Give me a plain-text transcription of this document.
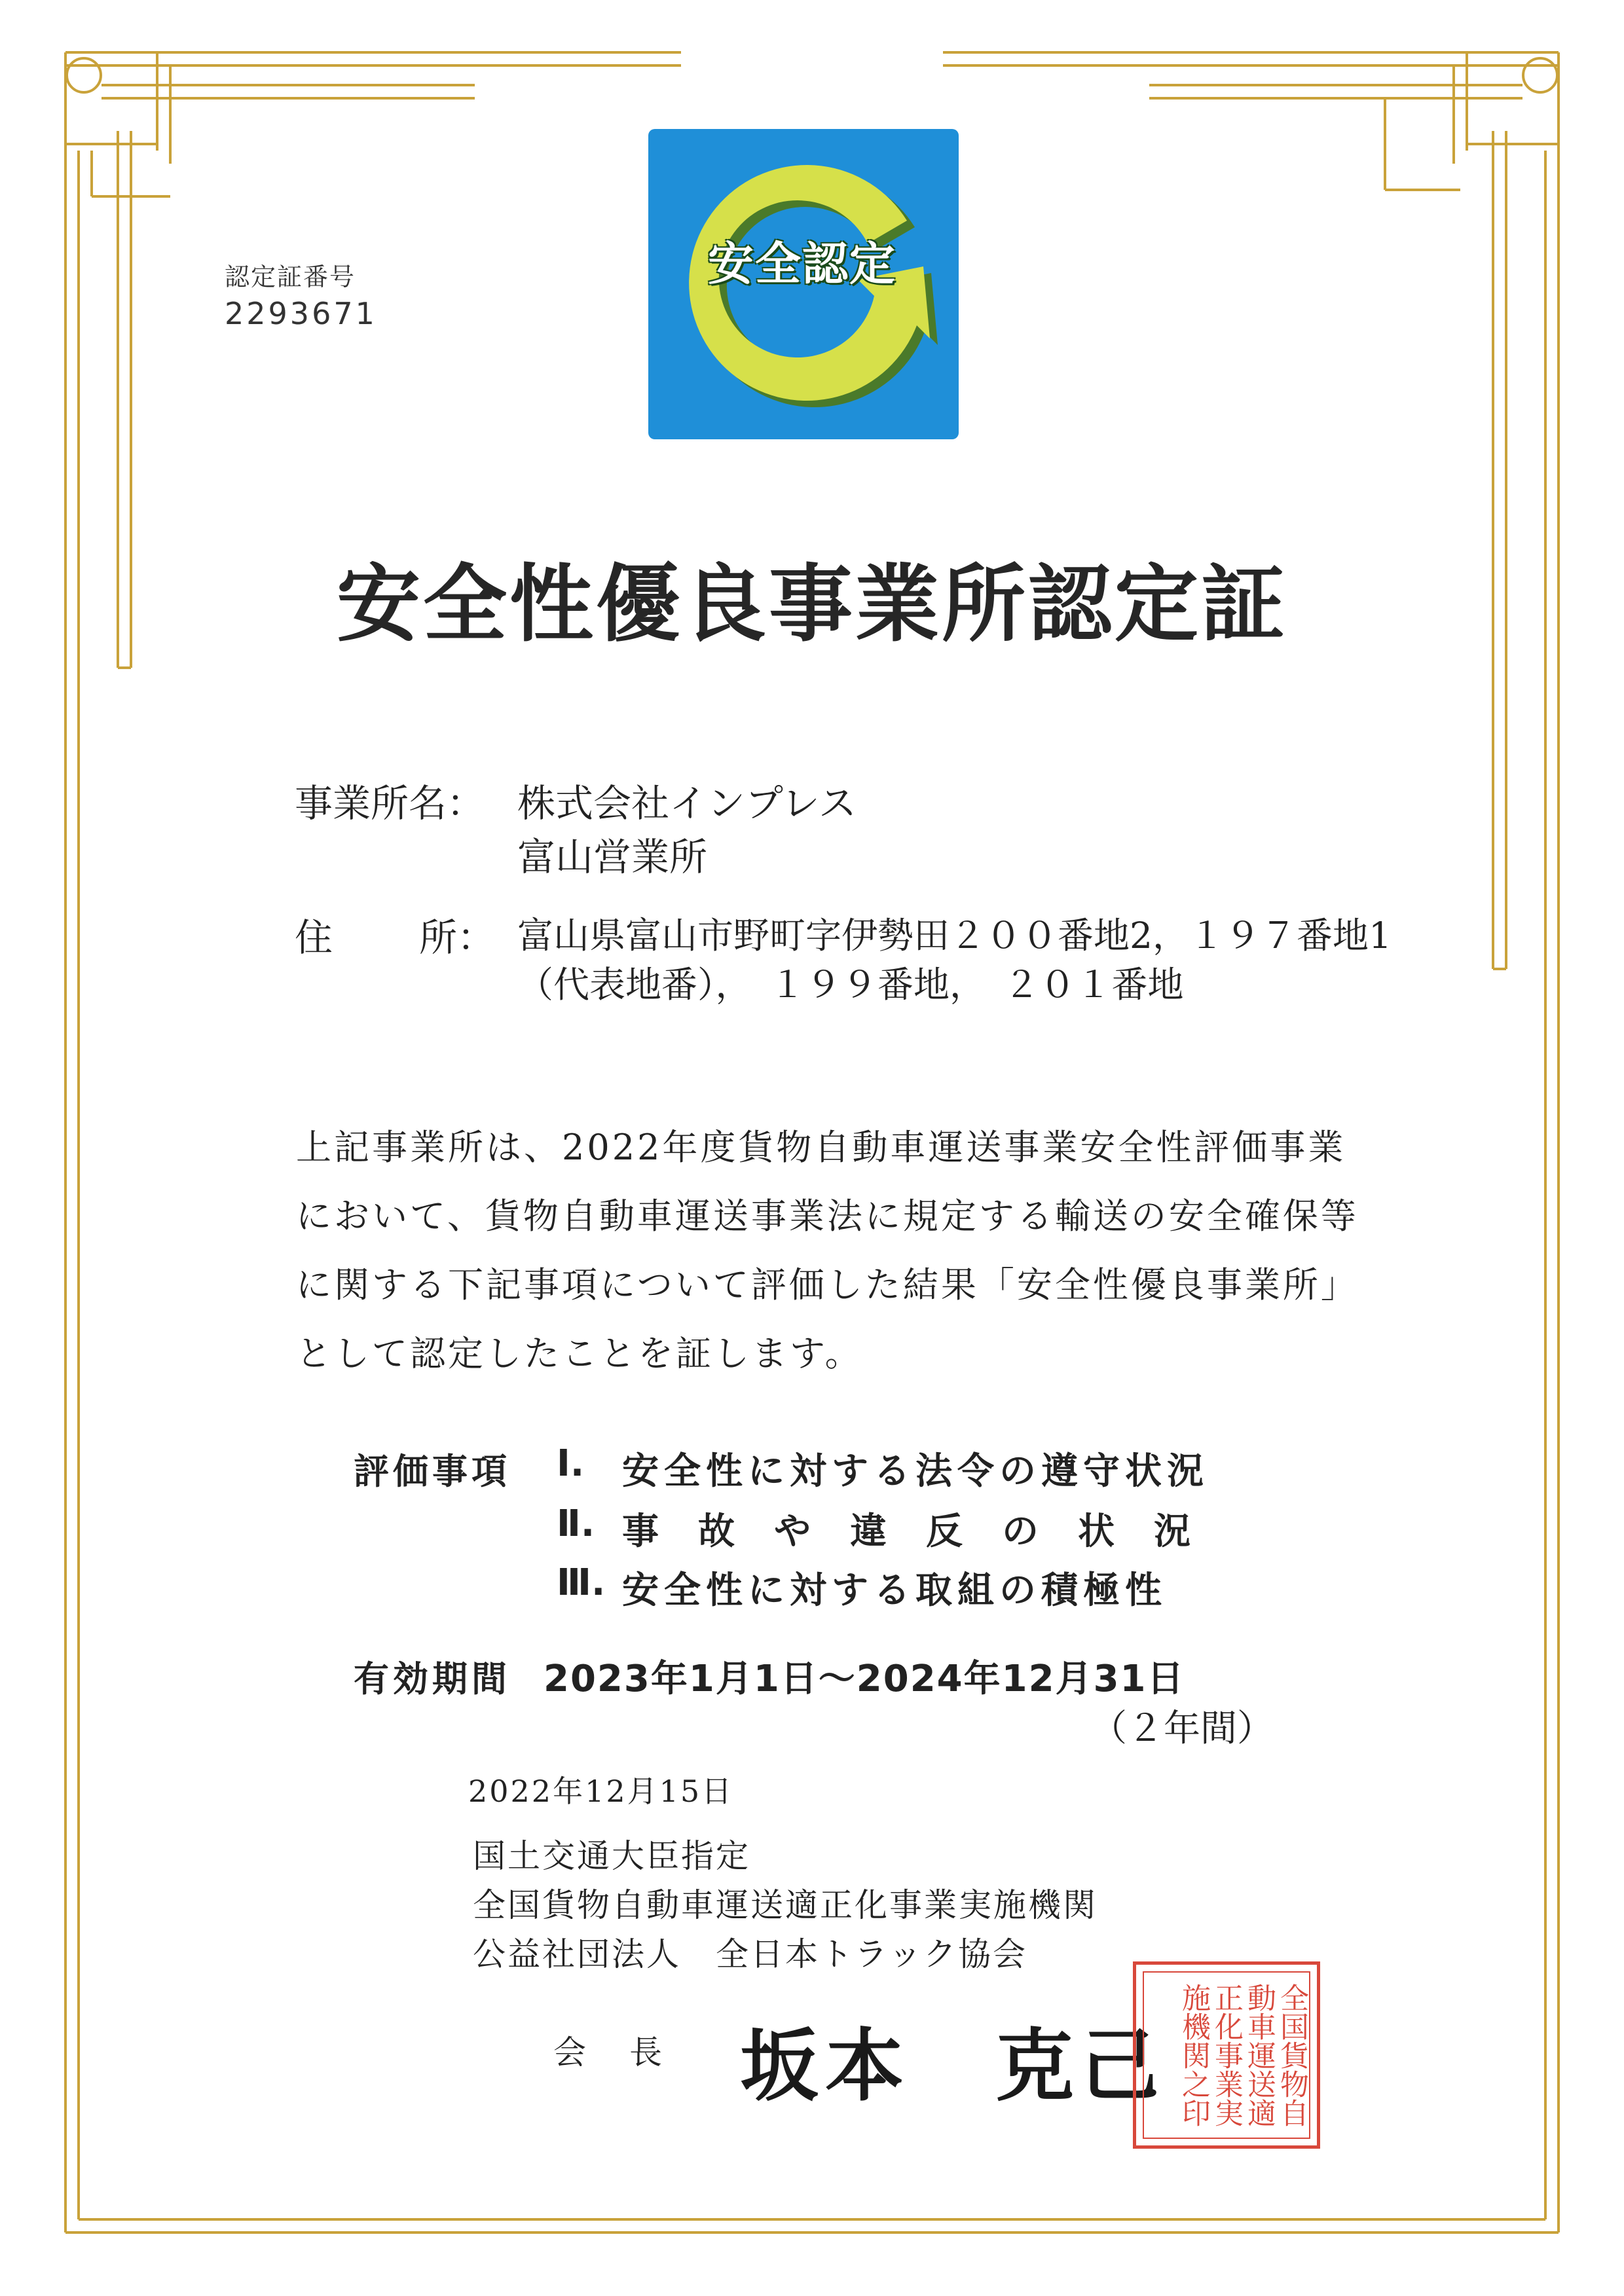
認定証番号
2293671
安全認定
安全性優良事業所認定証
事業所名： 株式会社インプレス
富山営業所
住 所： 富山県富山市野町字伊勢田２００番地2，１９７番地1
（代表地番），　１９９番地，　２０１番地
上記事業所は、2022年度貨物自動車運送事業安全性評価事業
において、貨物自動車運送事業法に規定する輸送の安全確保等
に関する下記事項について評価した結果「安全性優良事業所」
として認定したことを証します。
評価事項 Ⅰ. 安全性に対する法令の遵守状況
Ⅱ. 事　故　や　違　反　の　状　況
Ⅲ. 安全性に対する取組の積極性
有効期間 2023年1月1日～2024年12月31日
（２年間）
2022年12月15日
国土交通大臣指定
全国貨物自動車運送適正化事業実施機関
公益社団法人　全日本トラック協会
会　長 坂本　克己	全国貨物自動車運送適正化事業実施機関之印
